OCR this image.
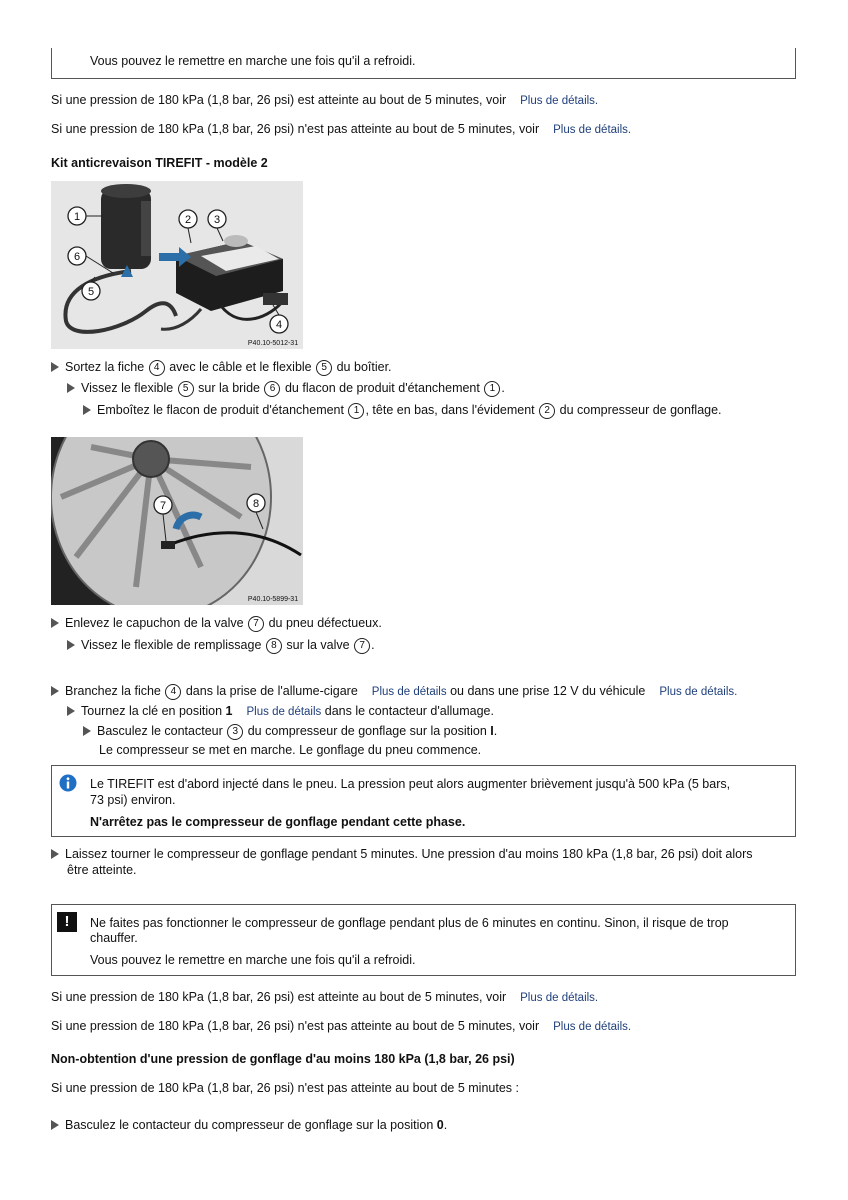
Vous pouvez le remettre en marche une fois qu'il a refroidi.
Si une pression de 180 kPa (1,8 bar, 26 psi) est atteinte au bout de 5 minutes, voir Plus de détails.
Si une pression de 180 kPa (1,8 bar, 26 psi) n'est pas atteinte au bout de 5 minutes, voir Plus de détails.
Kit anticrevaison TIREFIT - modèle 2
1	2 3
4
5
6
P40.10-5012-31
Sortez la fiche 4 avec le câble et le flexible 5 du boîtier.
Vissez le flexible 5 sur la bride 6 du flacon de produit d'étanchement 1 .
Emboîtez le flacon de produit d'étanchement 1 , tête en bas, dans l'évidement 2 du compresseur de gonflage.
7	8
P40.10-5899-31
Enlevez le capuchon de la valve 7 du pneu défectueux.
Vissez le flexible de remplissage 8 sur la valve 7 .
Branchez la fiche 4 dans la prise de l'allume-cigare Plus de détails ou dans une prise 12 V du véhicule Plus de détails.
Tournez la clé en position 1 Plus de détails dans le contacteur d'allumage.
Basculez le contacteur 3 du compresseur de gonflage sur la position I.
Le compresseur se met en marche. Le gonflage du pneu commence.
Le TIREFIT est d'abord injecté dans le pneu. La pression peut alors augmenter brièvement jusqu'à 500 kPa (5 bars,
73 psi) environ.
N'arrêtez pas le compresseur de gonflage pendant cette phase.
Laissez tourner le compresseur de gonflage pendant 5 minutes. Une pression d'au moins 180 kPa (1,8 bar, 26 psi) doit alors
être atteinte.
!	Ne faites pas fonctionner le compresseur de gonflage pendant plus de 6 minutes en continu. Sinon, il risque de trop
chauffer.
Vous pouvez le remettre en marche une fois qu'il a refroidi.
Si une pression de 180 kPa (1,8 bar, 26 psi) est atteinte au bout de 5 minutes, voir Plus de détails.
Si une pression de 180 kPa (1,8 bar, 26 psi) n'est pas atteinte au bout de 5 minutes, voir Plus de détails.
Non-obtention d'une pression de gonflage d'au moins 180 kPa (1,8 bar, 26 psi)
Si une pression de 180 kPa (1,8 bar, 26 psi) n'est pas atteinte au bout de 5 minutes :
Basculez le contacteur du compresseur de gonflage sur la position 0.
